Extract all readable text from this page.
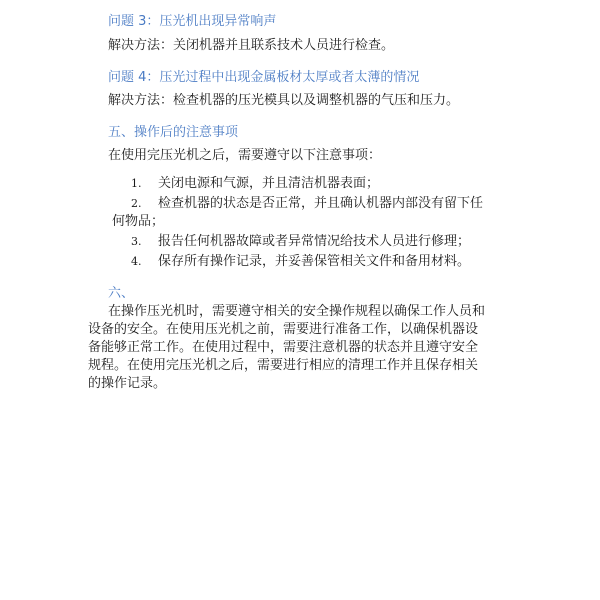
问题 3：压光机出现异常响声
解决方法：关闭机器并且联系技术人员进行检查。
问题 4：压光过程中出现金属板材太厚或者太薄的情况
解决方法：检查机器的压光模具以及调整机器的气压和压力。
五、操作后的注意事项
在使用完压光机之后，需要遵守以下注意事项：
1. 关闭电源和气源，并且清洁机器表面；
2. 检查机器的状态是否正常，并且确认机器内部没有留下任
何物品；
3. 报告任何机器故障或者异常情况给技术人员进行修理；
4. 保存所有操作记录，并妥善保管相关文件和备用材料。
六、
在操作压光机时，需要遵守相关的安全操作规程以确保工作人员和
设备的安全。在使用压光机之前，需要进行准备工作，以确保机器设
备能够正常工作。在使用过程中，需要注意机器的状态并且遵守安全
规程。在使用完压光机之后，需要进行相应的清理工作并且保存相关
的操作记录。
